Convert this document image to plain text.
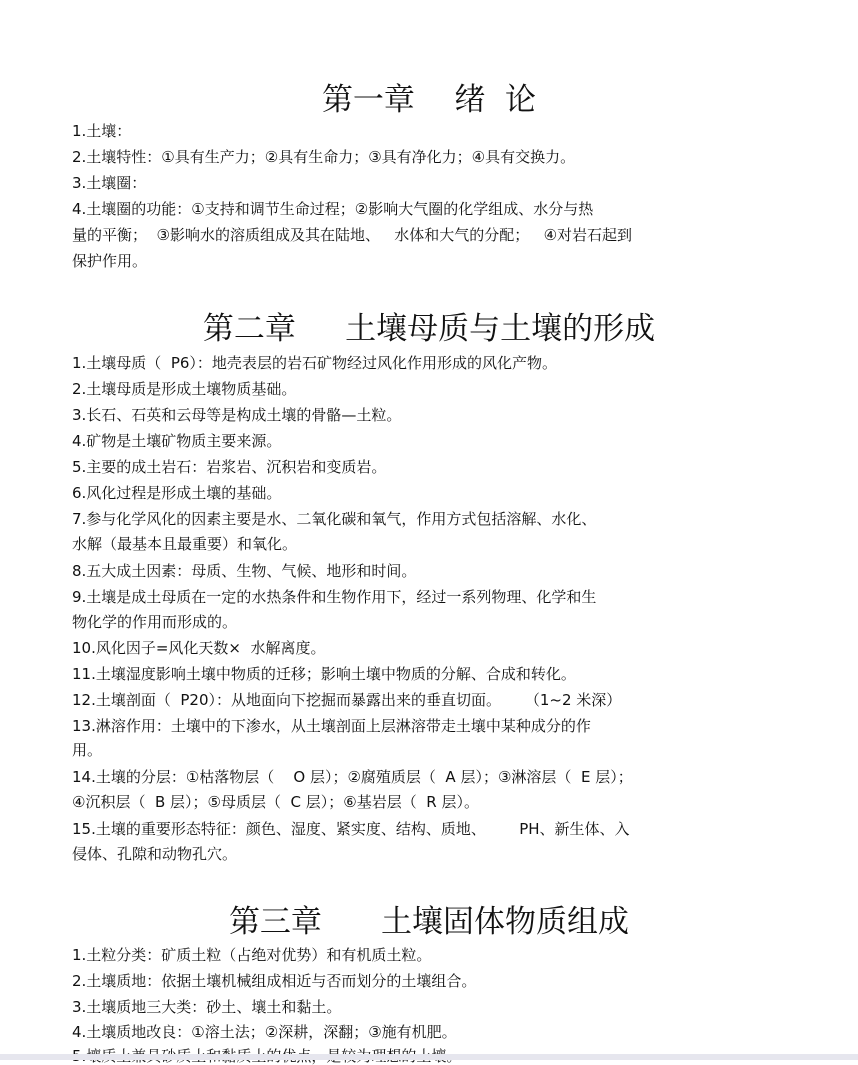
第一章    绪  论

1.土壤：

2.土壤特性：①具有生产力；②具有生命力；③具有净化力；④具有交换力。

3.土壤圈：

4.土壤圈的功能：①支持和调节生命过程；②影响大气圈的化学组成、水分与热

量的平衡；  ③影响水的溶质组成及其在陆地、   水体和大气的分配；   ④对岩石起到

保护作用。

第二章     土壤母质与土壤的形成

1.土壤母质（  P6）：地壳表层的岩石矿物经过风化作用形成的风化产物。

2.土壤母质是形成土壤物质基础。

3.长石、石英和云母等是构成土壤的骨骼—土粒。

4.矿物是土壤矿物质主要来源。

5.主要的成土岩石：岩浆岩、沉积岩和变质岩。

6.风化过程是形成土壤的基础。

7.参与化学风化的因素主要是水、二氧化碳和氧气，作用方式包括溶解、水化、

水解（最基本且最重要）和氧化。

8.五大成土因素：母质、生物、气候、地形和时间。

9.土壤是成土母质在一定的水热条件和生物作用下，经过一系列物理、化学和生

物化学的作用而形成的。

10.风化因子=风化天数×  水解离度。

11.土壤湿度影响土壤中物质的迁移；影响土壤中物质的分解、合成和转化。

12.土壤剖面（  P20）：从地面向下挖掘而暴露出来的垂直切面。     （1~2 米深）

13.淋溶作用：土壤中的下渗水，从土壤剖面上层淋溶带走土壤中某种成分的作

用。

14.土壤的分层：①枯落物层（    O 层）；②腐殖质层（  A 层）；③淋溶层（  E 层）；

④沉积层（  B 层）；⑤母质层（  C 层）；⑥基岩层（  R 层）。

15.土壤的重要形态特征：颜色、湿度、紧实度、结构、质地、       PH、新生体、入

侵体、孔隙和动物孔穴。

第三章      土壤固体物质组成

1.土粒分类：矿质土粒（占绝对优势）和有机质土粒。

2.土壤质地：依据土壤机械组成相近与否而划分的土壤组合。

3.土壤质地三大类：砂土、壤土和黏土。

4.土壤质地改良：①溶土法；②深耕，深翻；③施有机肥。
